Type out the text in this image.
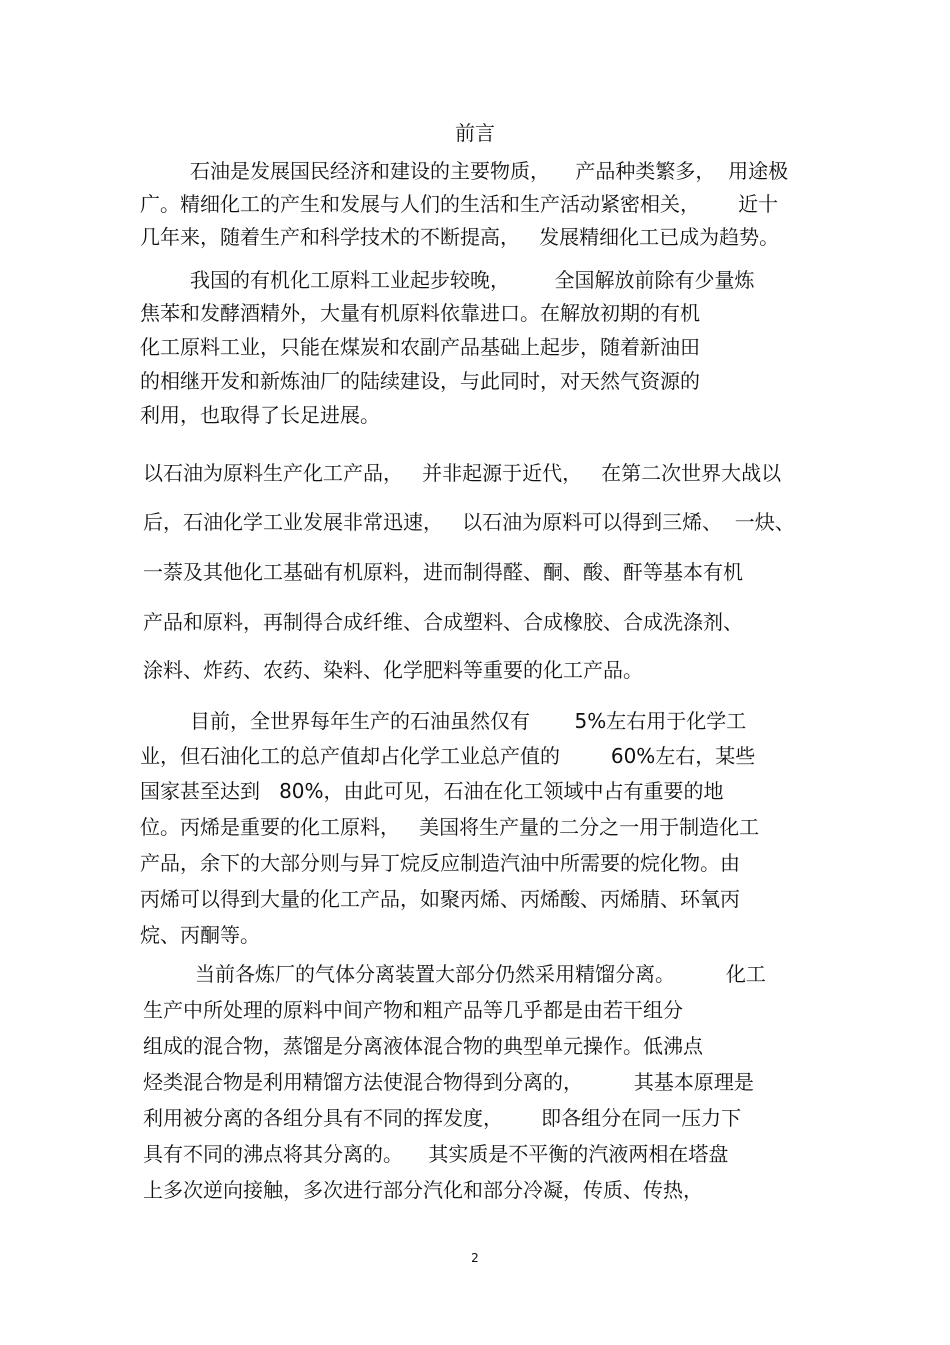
前言
石油是发展国民经济和建设的主要物质，    产品种类繁多，  用途极
广。精细化工的产生和发展与人们的生活和生产活动紧密相关，      近十
几年来，随着生产和科学技术的不断提高，   发展精细化工已成为趋势。
我国的有机化工原料工业起步较晚，       全国解放前除有少量炼
焦苯和发酵酒精外，大量有机原料依靠进口。在解放初期的有机
化工原料工业，只能在煤炭和农副产品基础上起步，随着新油田
的相继开发和新炼油厂的陆续建设，与此同时，对天然气资源的
利用，也取得了长足进展。
以石油为原料生产化工产品，   并非起源于近代，   在第二次世界大战以
后，石油化学工业发展非常迅速，   以石油为原料可以得到三烯、  一炔、
一萘及其他化工基础有机原料，进而制得醛、酮、酸、酐等基本有机
产品和原料，再制得合成纤维、合成塑料、合成橡胶、合成洗涤剂、
涂料、炸药、农药、染料、化学肥料等重要的化工产品。
目前，全世界每年生产的石油虽然仅有       5%左右用于化学工
业，但石油化工的总产值却占化学工业总产值的        60%左右，某些
国家甚至达到   80%，由此可见，石油在化工领域中占有重要的地
位。丙烯是重要的化工原料，   美国将生产量的二分之一用于制造化工
产品，余下的大部分则与异丁烷反应制造汽油中所需要的烷化物。由
丙烯可以得到大量的化工产品，如聚丙烯、丙烯酸、丙烯腈、环氧丙
烷、丙酮等。
当前各炼厂的气体分离装置大部分仍然采用精馏分离。        化工
生产中所处理的原料中间产物和粗产品等几乎都是由若干组分
组成的混合物，蒸馏是分离液体混合物的典型单元操作。低沸点
烃类混合物是利用精馏方法使混合物得到分离的，        其基本原理是
利用被分离的各组分具有不同的挥发度，      即各组分在同一压力下
具有不同的沸点将其分离的。    其实质是不平衡的汽液两相在塔盘
上多次逆向接触，多次进行部分汽化和部分冷凝，传质、传热，
2
